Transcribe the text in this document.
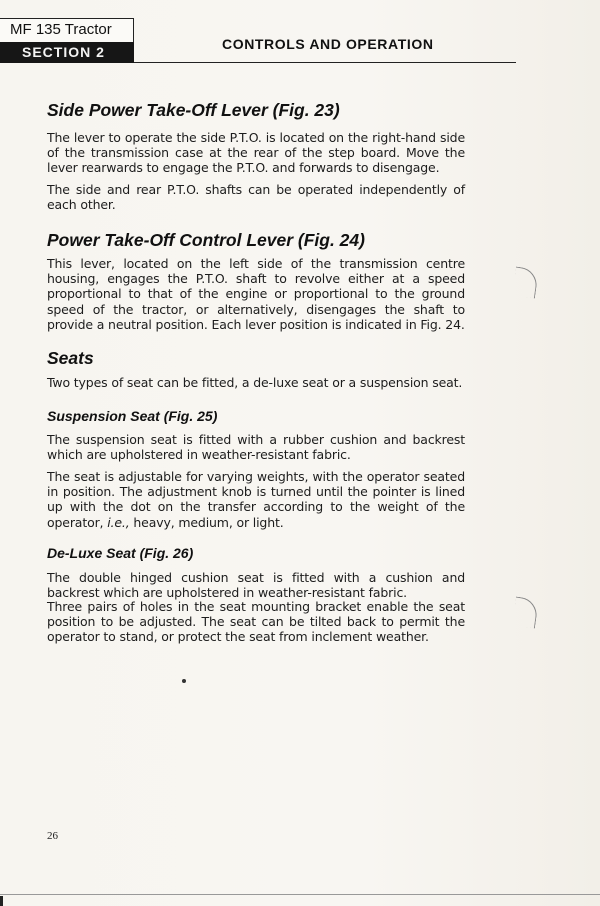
MF 135 Tractor
SECTION 2	CONTROLS AND OPERATION
Side Power Take-Off Lever (Fig. 23)
The lever to operate the side P.T.O. is located on the right-hand side of the transmission case at the rear of the step board. Move the lever rearwards to engage the P.T.O. and forwards to disengage.
The side and rear P.T.O. shafts can be operated independently of each other.
Power Take-Off Control Lever (Fig. 24)
This lever, located on the left side of the transmission centre housing, engages the P.T.O. shaft to revolve either at a speed proportional to that of the engine or proportional to the ground speed of the tractor, or alternatively, disengages the shaft to provide a neutral position. Each lever position is indicated in Fig. 24.
Seats
Two types of seat can be fitted, a de-luxe seat or a suspension seat.
Suspension Seat (Fig. 25)
The suspension seat is fitted with a rubber cushion and backrest which are upholstered in weather-resistant fabric.
The seat is adjustable for varying weights, with the operator seated in position. The adjustment knob is turned until the pointer is lined up with the dot on the transfer according to the weight of the operator, i.e., heavy, medium, or light.
De-Luxe Seat (Fig. 26)
The double hinged cushion seat is fitted with a cushion and backrest which are upholstered in weather-resistant fabric.
Three pairs of holes in the seat mounting bracket enable the seat position to be adjusted. The seat can be tilted back to permit the operator to stand, or protect the seat from inclement weather.
26
